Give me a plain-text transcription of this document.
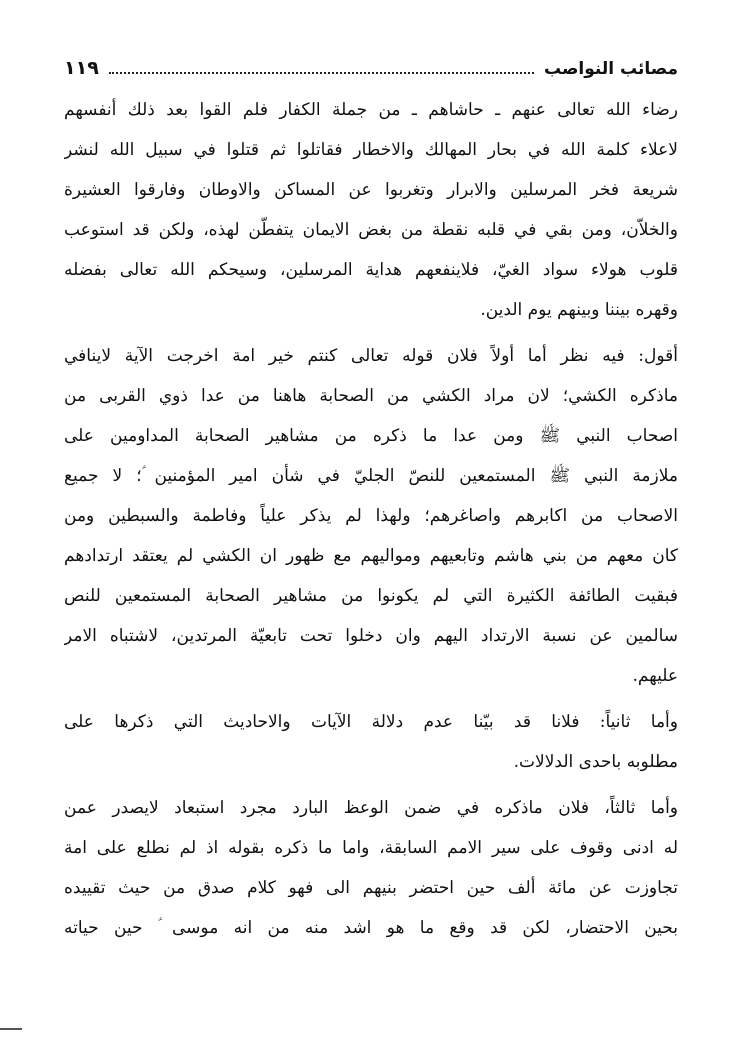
١١٩	مصائب النواصب
رضاء الله تعالى عنهم ـ حاشاهم ـ من جملة الكفار فلم القوا بعد ذلك أنفسهم
لاعلاء كلمة الله في بحار المهالك والاخطار فقاتلوا ثم قتلوا في سبيل الله لنشر
شريعة فخر المرسلين والابرار وتغربوا عن المساكن والاوطان وفارقوا العشيرة
والخلاّن، ومن بقي في قلبه نقطة من بغض الايمان يتفطّن لهذه، ولكن قد استوعب
قلوب هولاء سواد الغيّ، فلاينفعهم هداية المرسلين، وسيحكم الله تعالى بفضله
وقهره بيننا وبينهم يوم الدين.
أقول: فيه نظر أما أولاً فلان قوله تعالى كنتم خير امة اخرجت الآية لاينافي
ماذكره الكشي؛ لان مراد الكشي من الصحابة هاهنا من عدا ذوي القربى من
اصحاب النبي ﷺ ومن عدا ما ذكره من مشاهير الصحابة المداومين على
ملازمة النبي ﷺ المستمعين للنصّ الجليّ في شأن امير المؤمنين ؑ؛ لا جميع
الاصحاب من اكابرهم واصاغرهم؛ ولهذا لم يذكر علياً وفاطمة والسبطين ومن
كان معهم من بني هاشم وتابعيهم ومواليهم مع ظهور ان الكشي لم يعتقد ارتدادهم
فبقيت الطائفة الكثيرة التي لم يكونوا من مشاهير الصحابة المستمعين للنص
سالمين عن نسبة الارتداد اليهم وان دخلوا تحت تابعيّة المرتدين، لاشتباه الامر
عليهم.
وأما ثانياً: فلانا قد بيّنا عدم دلالة الآيات والاحاديث التي ذكرها على
مطلوبه باحدى الدلالات.
وأما ثالثاً، فلان ماذكره في ضمن الوعظ البارد مجرد استبعاد لايصدر عمن
له ادنى وقوف على سير الامم السابقة، واما ما ذكره بقوله اذ لم نطلع على امة
تجاوزت عن مائة ألف حين احتضر بنيهم الى فهو كلام صدق من حيث تقييده
بحين الاحتضار، لكن قد وقع ما هو اشد منه من انه موسى ؑ حين حياته
